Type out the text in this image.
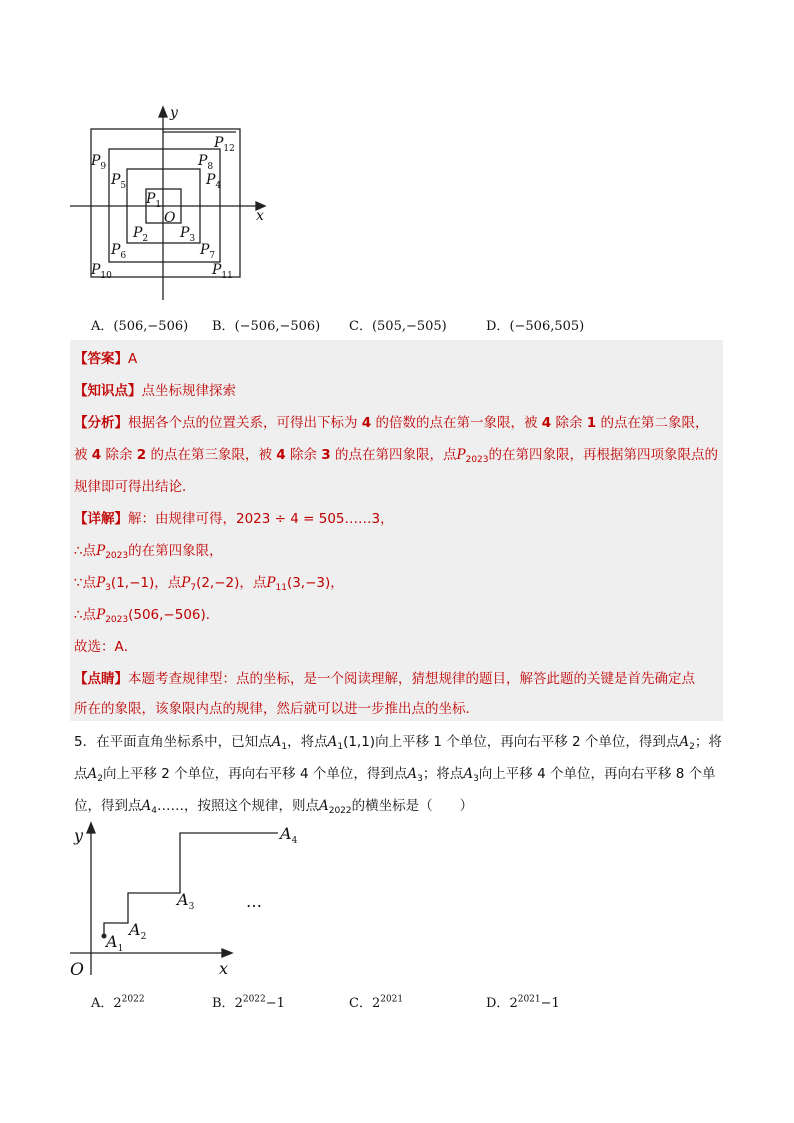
y
x
O
$P_1$
$P_2$ $P_3$
$P_4$
$P_5$
$P_6$	$P_7$
$P_8$
$P_9$
$P_{10}$	$P_{11}$
$P_{12}$
A．(506,−506) B．(−506,−506) C．(505,−505)	D．(−506,505)
【答案】A
【知识点】点坐标规律探索
【分析】根据各个点的位置关系，可得出下标为 4 的倍数的点在第一象限，被 4 除余 1 的点在第二象限，
被 4 除余 2 的点在第三象限，被 4 除余 3 的点在第四象限，点$P_{2023}$的在第四象限，再根据第四项象限点的
规律即可得出结论．
【详解】解：由规律可得，2023 ÷ 4 = 505……3，
∴点$P_{2023}$的在第四象限，
∵点$P_3(1,-1)$，点$P_7(2,-2)$，点$P_{11}(3,-3)$，
∴点$P_{2023}(506,-506)$．
故选：A．
【点睛】本题考查规律型：点的坐标，是一个阅读理解，猜想规律的题目，解答此题的关键是首先确定点
所在的象限，该象限内点的规律，然后就可以进一步推出点的坐标．
5．在平面直角坐标系中，已知点$A_1$，将点$A_1(1,1)$向上平移 1 个单位，再向右平移 2 个单位，得到点$A_2$；将
点$A_2$向上平移 2 个单位，再向右平移 4 个单位，得到点$A_3$；将点$A_3$向上平移 4 个单位，再向右平移 8 个单
位，得到点$A_4\dots\dots$，按照这个规律，则点$A_{2022}$的横坐标是（　　）
y
x
O
…
$A_1$
$A_2$
$A_3$
$A_4$
A．$2^{2022}$	B．$2^{2022}-1$	C．$2^{2021}$	D．$2^{2021}-1$
